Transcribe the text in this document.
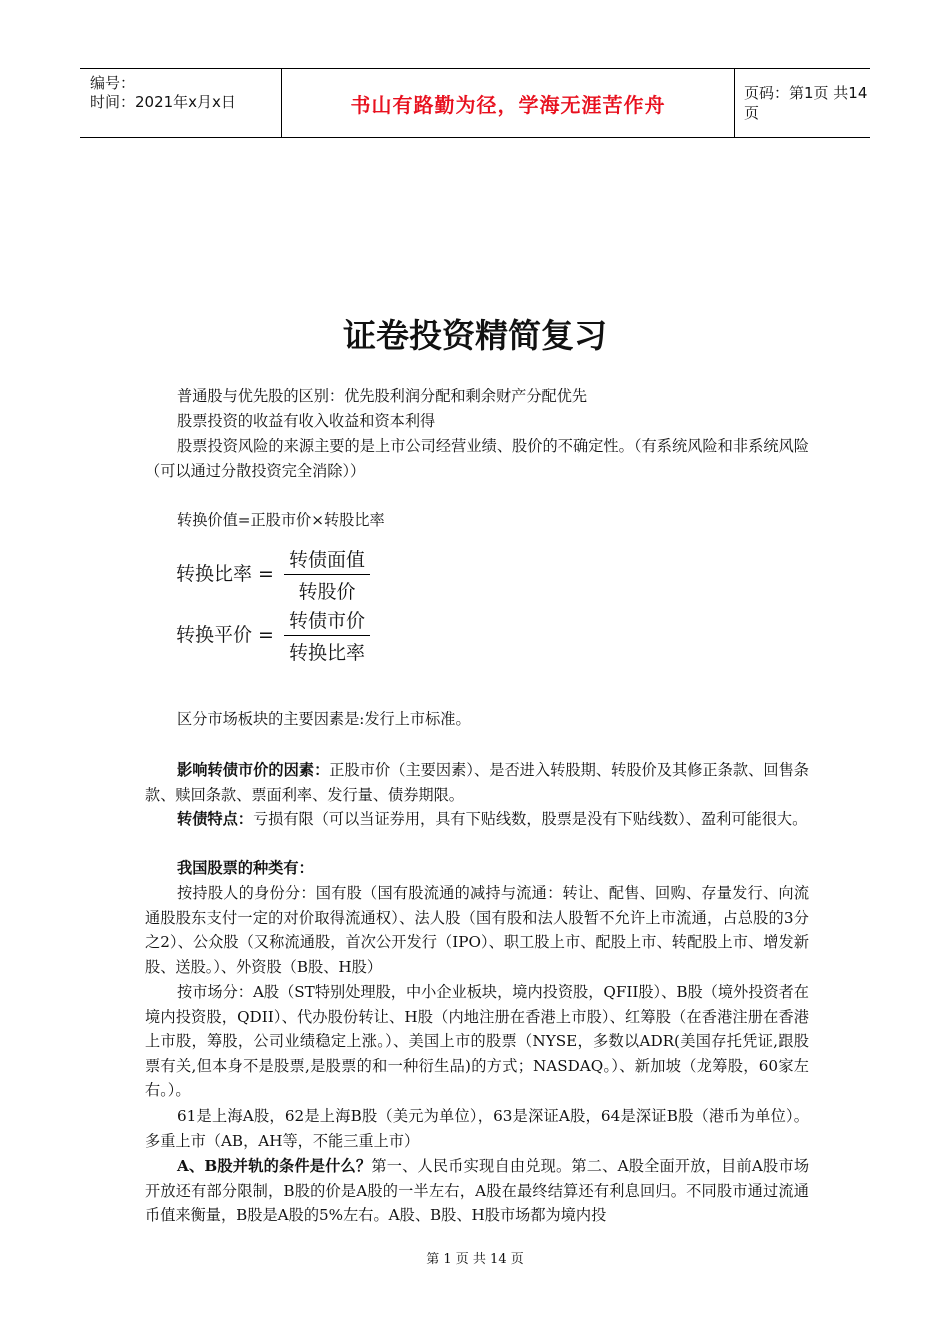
编号：
时间：2021年x月x日	书山有路勤为径，学海无涯苦作舟	页码：第1页 共14页
证卷投资精简复习

普通股与优先股的区别：优先股利润分配和剩余财产分配优先

股票投资的收益有收入收益和资本利得

股票投资风险的来源主要的是上市公司经营业绩、股价的不确定性。（有系统风险和非系统风险（可以通过分散投资完全消除））

转换价值=正股市价×转股比率

转换比率 =
转债面值
转股价
转换平价 =
转债市价
转换比率

区分市场板块的主要因素是:发行上市标准。

影响转债市价的因素：正股市价（主要因素）、是否进入转股期、转股价及其修正条款、回售条款、赎回条款、票面利率、发行量、债券期限。

转债特点：亏损有限（可以当证券用，具有下贴线数，股票是没有下贴线数）、盈利可能很大。

我国股票的种类有：

按持股人的身份分：国有股（国有股流通的减持与流通：转让、配售、回购、存量发行、向流通股股东支付一定的对价取得流通权）、法人股（国有股和法人股暂不允许上市流通，占总股的3分之2）、公众股（又称流通股，首次公开发行（IPO）、职工股上市、配股上市、转配股上市、增发新股、送股。）、外资股（B股、H股）

按市场分：A股（ST特别处理股，中小企业板块，境内投资股，QFII股）、B股（境外投资者在境内投资股，QDII）、代办股份转让、H股（内地注册在香港上市股）、红筹股（在香港注册在香港上市股，筹股，公司业绩稳定上涨。）、美国上市的股票（NYSE，多数以ADR(美国存托凭证,跟股票有关,但本身不是股票,是股票的和一种衍生品)的方式；NASDAQ。）、新加坡（龙筹股，60家左右。）。

61是上海A股，62是上海B股（美元为单位），63是深证A股，64是深证B股（港币为单位）。多重上市（AB，AH等，不能三重上市）

A、B股并轨的条件是什么？第一、人民币实现自由兑现。第二、A股全面开放，目前A股市场开放还有部分限制，B股的价是A股的一半左右，A股在最终结算还有利息回归。不同股市通过流通币值来衡量，B股是A股的5%左右。A股、B股、H股市场都为境内投

第 1 页 共 14 页
